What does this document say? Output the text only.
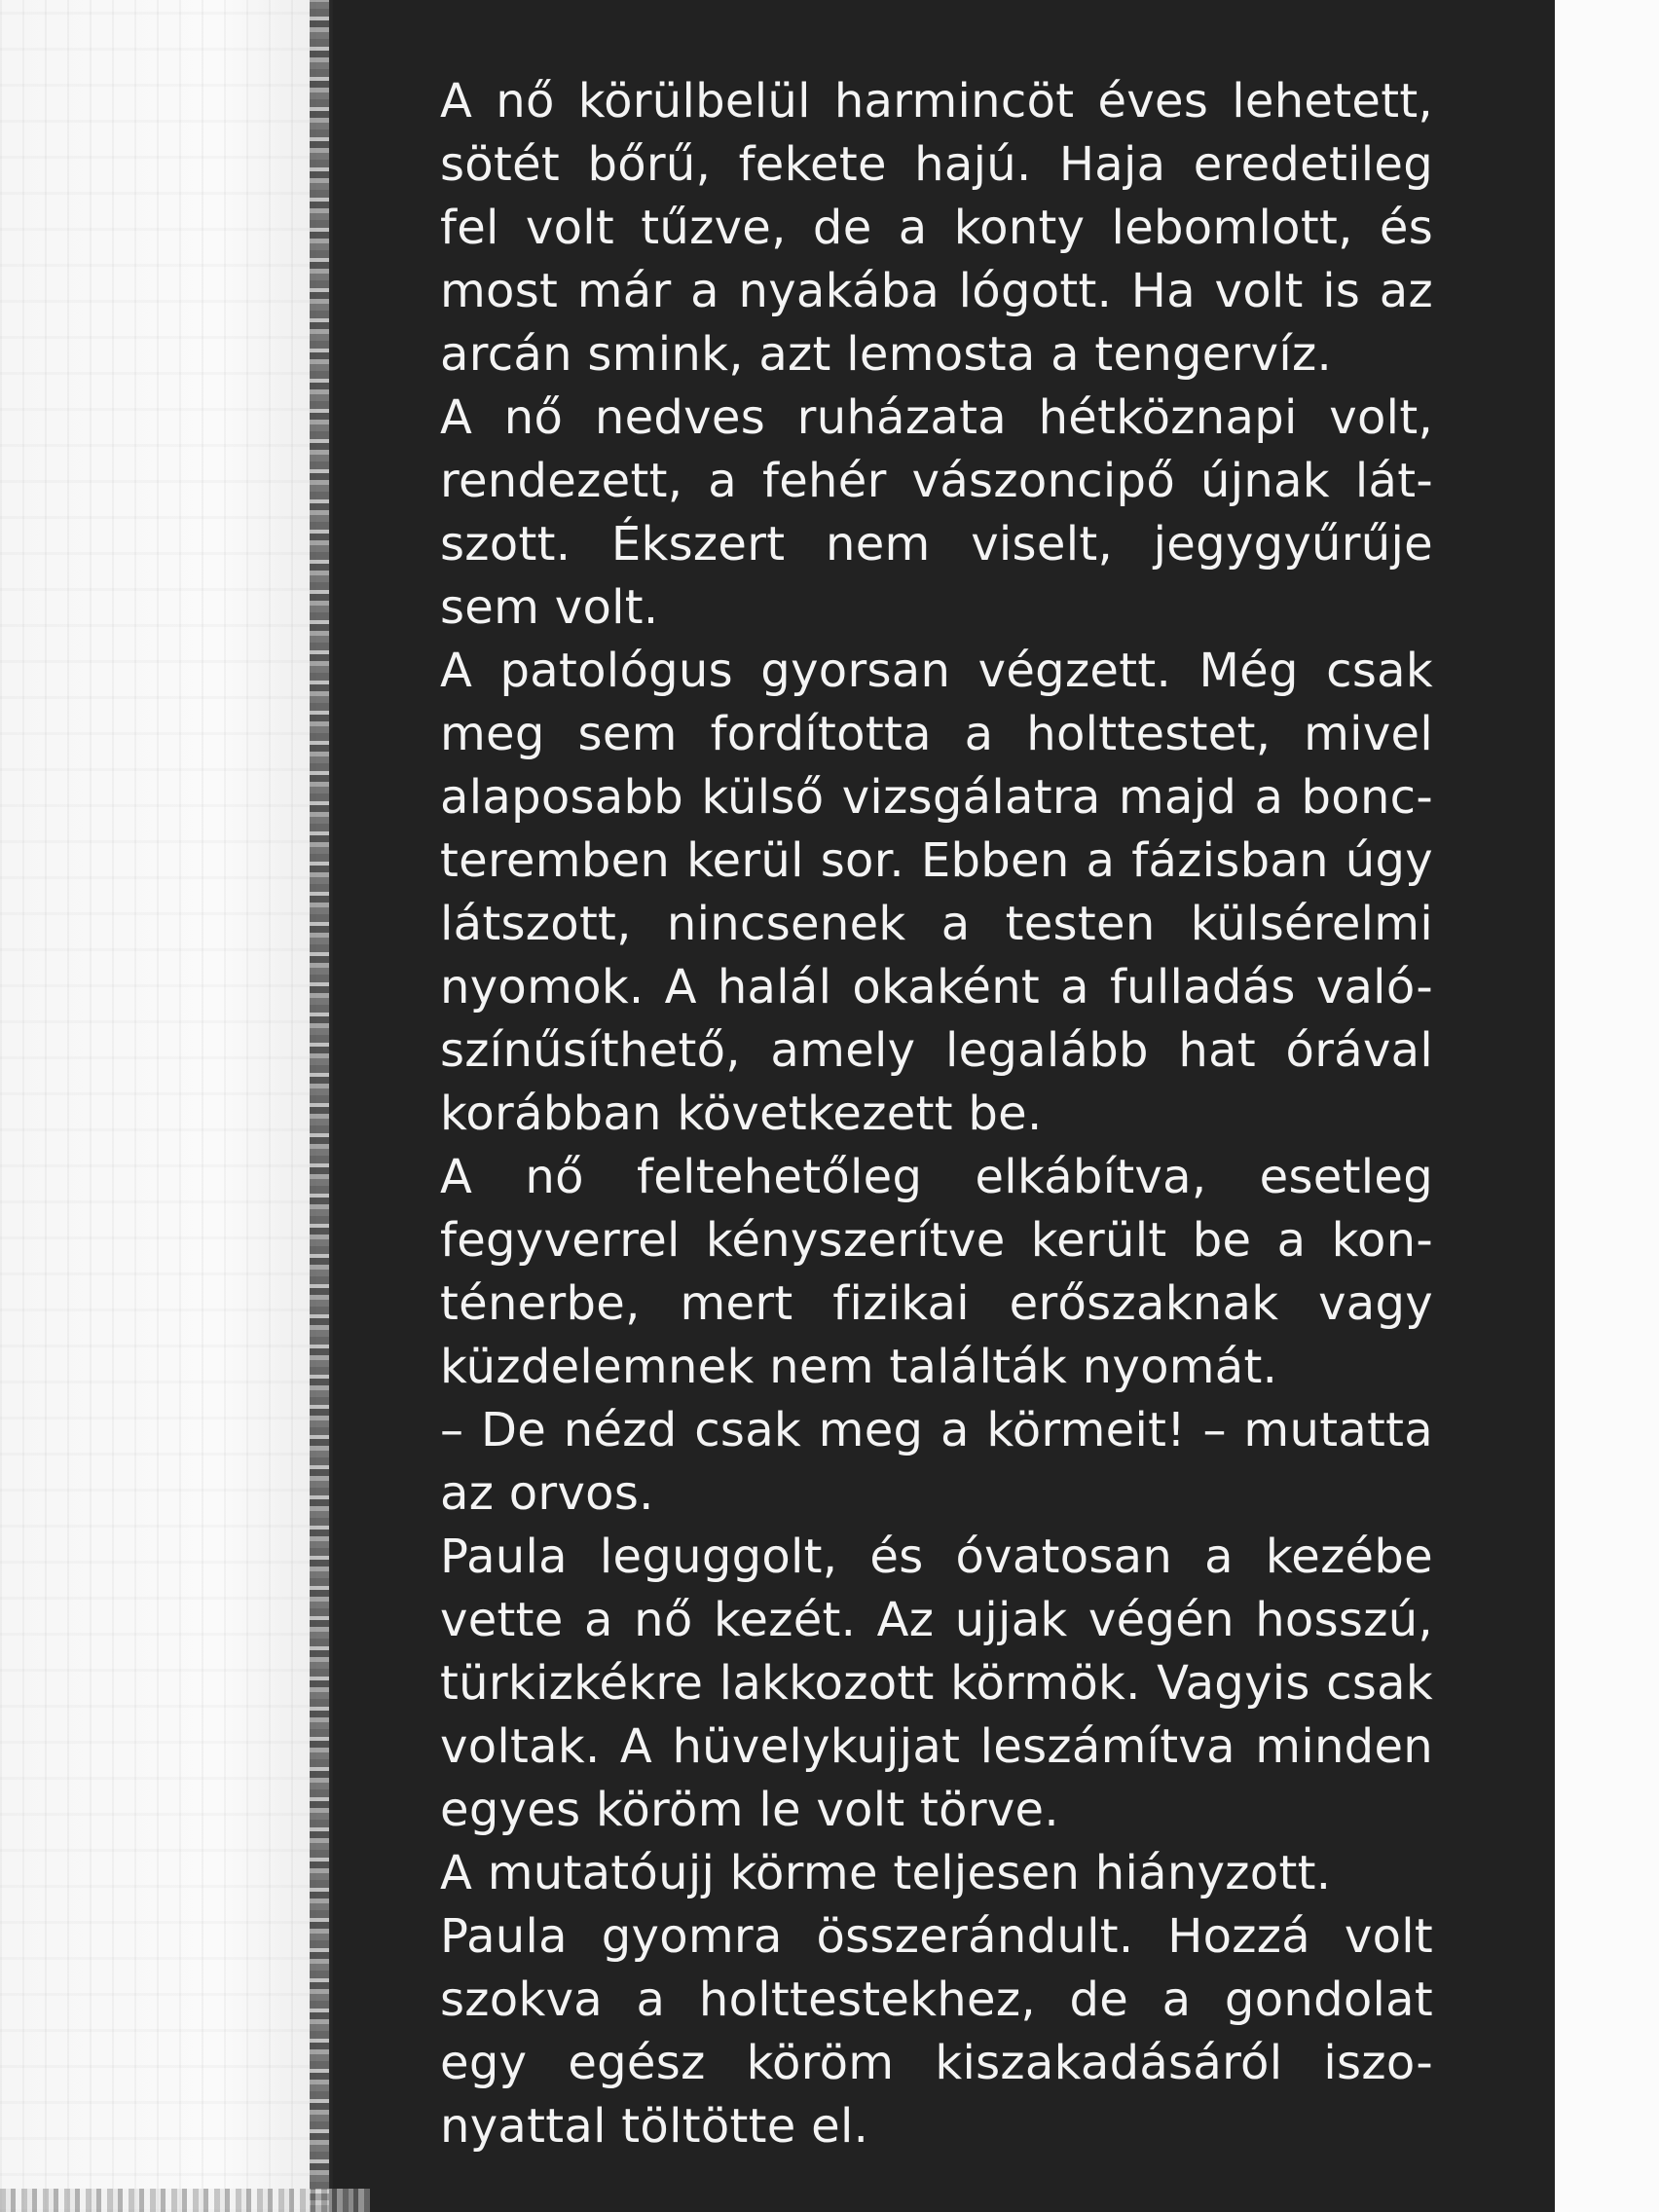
A nő körülbelül harmincöt éves lehetett, sötét bőrű, fekete hajú. Haja eredetileg fel volt tűzve, de a konty lebomlott, és most már a nyakába lógott. Ha volt is az arcán smink, azt lemosta a tengervíz.

A nő nedves ruházata hétköznapi volt, rendezett, a fehér vászoncipő újnak lát-szott. Ékszert nem viselt, jegygyűrűje sem volt.

A patológus gyorsan végzett. Még csak meg sem fordította a holttestet, mivel alaposabb külső vizsgálatra majd a bonc-teremben kerül sor. Ebben a fázisban úgy látszott, nincsenek a testen külsérelmi nyomok. A halál okaként a fulladás való-színűsíthető, amely legalább hat órával korábban következett be.

A nő feltehetőleg elkábítva, esetleg fegyverrel kényszerítve került be a kon-ténerbe, mert fizikai erőszaknak vagy küzdelemnek nem találták nyomát.

– De nézd csak meg a körmeit! – mutatta az orvos.

Paula leguggolt, és óvatosan a kezébe vette a nő kezét. Az ujjak végén hosszú, türkizkékre lakkozott körmök. Vagyis csak voltak. A hüvelykujjat leszámítva minden egyes köröm le volt törve.

A mutatóujj körme teljesen hiányzott.

Paula gyomra összerándult. Hozzá volt szokva a holttestekhez, de a gondolat egy egész köröm kiszakadásáról iszo-nyattal töltötte el.
